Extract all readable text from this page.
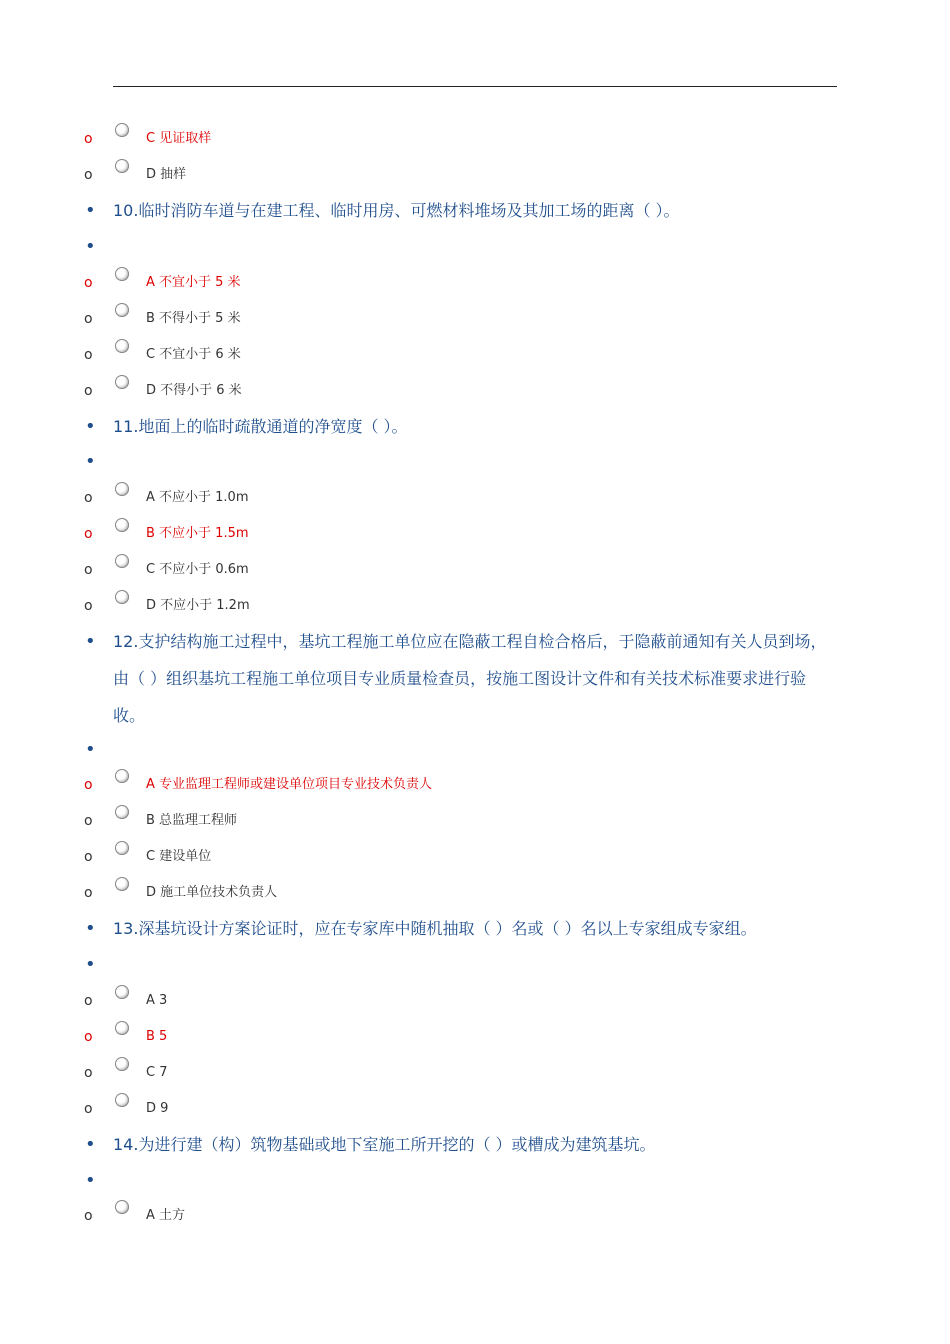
o	C 见证取样
o	D 抽样
• 10.临时消防车道与在建工程、临时用房、可燃材料堆场及其加工场的距离（ ）。
•
o	A 不宜小于 5 米
o	B 不得小于 5 米
o	C 不宜小于 6 米
o	D 不得小于 6 米
• 11.地面上的临时疏散通道的净宽度（ ）。
•
o	A 不应小于 1.0m
o	B 不应小于 1.5m
o	C 不应小于 0.6m
o	D 不应小于 1.2m
• 12.支护结构施工过程中，基坑工程施工单位应在隐蔽工程自检合格后，于隐蔽前通知有关人员到场，由（ ）组织基坑工程施工单位项目专业质量检查员，按施工图设计文件和有关技术标准要求进行验收。
•
o	A 专业监理工程师或建设单位项目专业技术负责人
o	B 总监理工程师
o	C 建设单位
o	D 施工单位技术负责人
• 13.深基坑设计方案论证时，应在专家库中随机抽取（ ）名或（ ）名以上专家组成专家组。
•
o	A 3
o	B 5
o	C 7
o	D 9
• 14.为进行建（构）筑物基础或地下室施工所开挖的（ ）或槽成为建筑基坑。
•
o	A 土方
